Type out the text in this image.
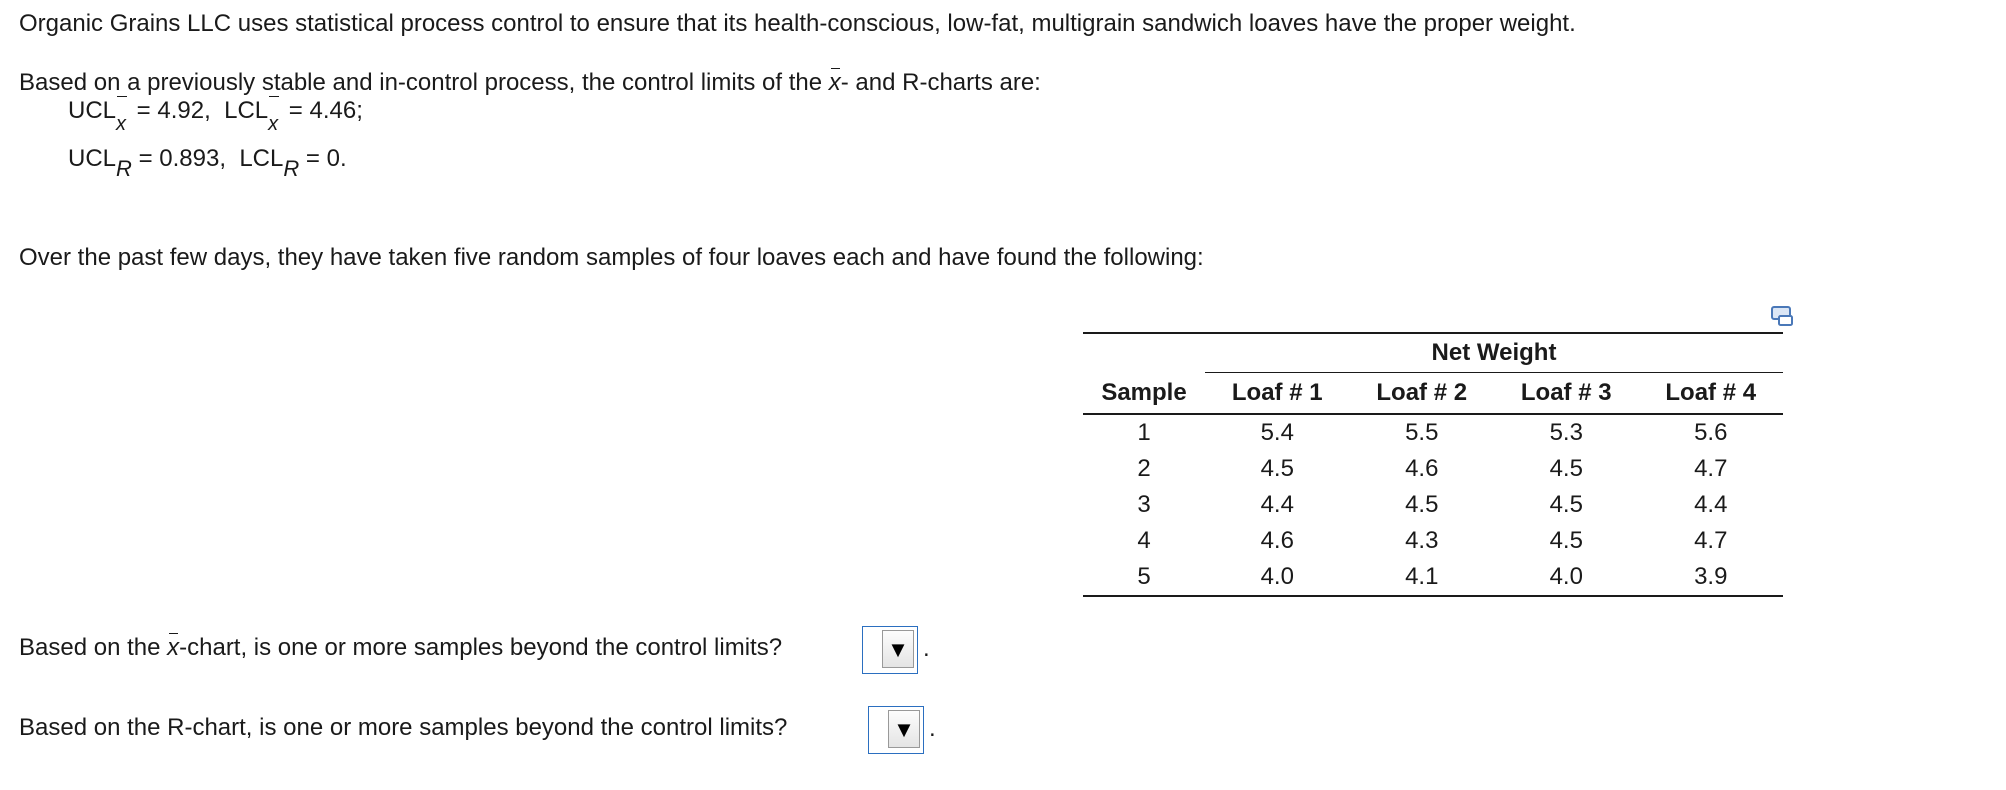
Organic Grains LLC uses statistical process control to ensure that its health-conscious, low-fat, multigrain sandwich loaves have the proper weight.
Based on a previously stable and in-control process, the control limits of the x- and R-charts are:
UCL
x = 4.92, LCL
x = 4.46;
UCLR = 0.893, LCLR = 0.
Over the past few days, they have taken five random samples of four loaves each and have found the following:
	Net Weight			
Sample	Loaf # 1	Loaf # 2	Loaf # 3	Loaf # 4
1	5.4	5.5	5.3	5.6
2	4.5	4.6	4.5	4.7
3	4.4	4.5	4.5	4.4
4	4.6	4.3	4.5	4.7
5	4.0	4.1	4.0	3.9
Based on the x-chart, is one or more samples beyond the control limits?	▼ .
Based on the R-chart, is one or more samples beyond the control limits?	▼ .
